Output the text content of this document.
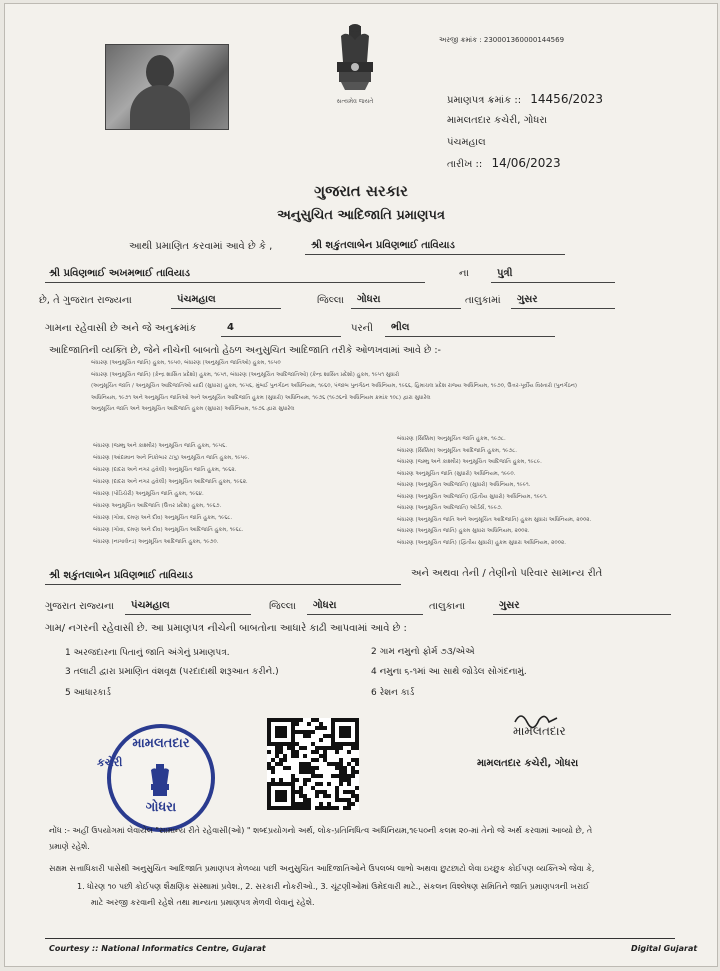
સત્યમેવ જયતે
અરજી ક્રમાંક : 230001360000144569
પ્રમાણપત્ર ક્રમાંક :: 14456/2023
મામલતદાર કચેરી, ગોધરા
પંચમહાલ
તારીખ :: 14/06/2023
ગુજરાત સરકાર
અનુસુચિત આદિજાતિ પ્રમાણપત્ર
આથી પ્રમાણિત કરવામાં આવે છે કે ,	શ્રી શકુંતલાબેન પ્રવિણભાઈ તાવિયાડ
શ્રી પ્રવિણભાઈ અખમભાઈ તાવિયાડ	ના	પુત્રી
છે, તે ગુજરાત રાજ્યના	પંચમહાલ	જિલ્લા ગોધરા	તાલુકામાં ગુસર
ગામના રહેવાસી છે અને જે અનુક્રમાંક	4	પરની ભીલ
આદિજાતિની વ્યક્તિ છે, જેને નીચેની બાબતો હેઠળ અનુસુચિત આદિજાતિ તરીકે ઓળખવામાં આવે છે :-
બંધારણ (અનુસૂચિત જાતિ) હુકમ, ૧૯૫૦, બંધારણ (અનુસૂચિત જાતિઓ) હુકમ, ૧૯૫૦
બંધારણ (અનુસૂચિત જાતિ) (કેન્દ્ર શાસિત પ્રદેશો) હુકમ, ૧૯૫૧, બંધારણ (અનુસૂચિત આદિજાતિઓ) (કેન્દ્ર શાસિત પ્રદેશો) હુકમ, ૧૯૫૧ સુધારો
(અનુસૂચિત જાતિ / અનુસૂચિત આદિજાતિઓ યાદી (સુધારા) હુકમ, ૧૯૫૬, મુંબઈ પુનર્ગઠન અધિનિયમ, ૧૯૬૦, પંજાબ પુનર્ગઠન અધિનિયમ, ૧૯૬૬, હિમાચલ પ્રદેશ રાજ્ય અધિનિયમ, ૧૯૭૦, ઉત્તર-પૂર્વીય વિસ્તારો (પુનર્ગઠન)
અધિનિયમ, ૧૯૭૧ અને અનુસૂચિત જાતિઓ અને અનુસૂચિત આદિજાતિ હુકમ (સુધારો) અધિનિયમ, ૧૯૭૬ (૧૯૭૬નો અધિનિયમ ક્રમાંક ૧૦૮) દ્વારા સુધારેલ
અનુસૂચિત જાતિ અને અનુસૂચિત આદિજાતિ હુકમ (સુધારા) અધિનિયમ, ૧૯૭૬ દ્વારા સુધારેલ
બંધારણ (જમ્મુ અને કાશ્મીર) અનુસૂચિત જાતિ હુકમ, ૧૯૫૬.
બંધારણ (આંદામાન અને નિકોબાર ટાપુ) અનુસૂચિત જાતિ હુકમ, ૧૯૫૯.
બંધારણ (દાદરા અને નગર હવેલી) અનુસૂચિત જાતિ હુકમ, ૧૯૬૨.
બંધારણ (દાદરા અને નગર હવેલી) અનુસૂચિત આદિજાતિ હુકમ, ૧૯૬૨.
બંધારણ (પોંડિચેરી) અનુસૂચિત જાતિ હુકમ, ૧૯૬૪.
બંધારણ અનુસૂચિત આદિજાતિ (ઉત્તર પ્રદેશ) હુકમ, ૧૯૬૭.
બંધારણ (ગોવા, દમણ અને દીવ) અનુસૂચિત જાતિ હુકમ, ૧૯૬૮.
બંધારણ (ગોવા, દમણ અને દીવ) અનુસૂચિત આદિજાતિ હુકમ, ૧૯૬૮.
બંધારણ (નાગાલેન્ડ) અનુસૂચિત આદિજાતિ હુકમ, ૧૯૭૦.
બંધારણ (સિક્કિમ) અનુસૂચિત જાતિ હુકમ, ૧૯૭૮.
બંધારણ (સિક્કિમ) અનુસૂચિત આદિજાતિ હુકમ, ૧૯૭૮.
બંધારણ (જમ્મુ અને કાશ્મીર) અનુસૂચિત આદિજાતિ હુકમ, ૧૯૮૯.
બંધારણ અનુસૂચિત જાતિ (સુધારો) અધિનિયમ, ૧૯૯૦.
બંધારણ (અનુસૂચિત આદિજાતિ) (સુધારો) અધિનિયમ, ૧૯૯૧.
બંધારણ (અનુસૂચિત આદિજાતિ) (દ્વિતીય સુધારો) અધિનિયમ, ૧૯૯૧.
બંધારણ (અનુસૂચિત આદિજાતિ) ઓર્ડર્સ, ૧૯૯૭.
બંધારણ (અનુસૂચિત જાતિ અને અનુસૂચિત આદિજાતિ) હુકમ સુધારા અધિનિયમ, ૨૦૦૨.
બંધારણ (અનુસૂચિત જાતિ) હુકમ સુધારા અધિનિયમ, ૨૦૦૨.
બંધારણ (અનુસૂચિત જાતિ) (દ્વિતીય સુધારો) હુકમ સુધારા અધિનિયમ, ૨૦૦૨.
શ્રી શકુંતલાબેન પ્રવિણભાઈ તાવિયાડ	અને અથવા તેની / તેણીનો પરિવાર સામાન્ય રીતે
ગુજરાત રાજ્યના પંચમહાલ	જિલ્લા ગોધરા	તાલુકાના	ગુસર
ગામ/ નગરની રહેવાસી છે. આ પ્રમાણપત્ર નીચેની બાબતોના આધારે કાઢી આપવામાં આવે છે :
1 અરજદારના પિતાનું જાતિ અંગેનું પ્રમાણપત્ર.	2 ગામ નમુનો ફોર્મ ૭૩/એએ
3 તલાટી દ્વારા પ્રમાણિત વંશવૃક્ષ (પરદાદાથી શરૂઆત કરીને.)	4 નમુના ૬-૧માં આ સાથે જોડેલ સોગંદનામું.
5 આધારકાર્ડ	6 રેશન કાર્ડ
મામલતદાર
કચેરી
ગોધરા
મામલતદાર
મામલતદાર કચેરી, ગોધરા
નોંધ :- અહીં ઉપયોગમાં લેવાયેલ "સામાન્ય રીતે રહેવાસી(ઓ) " શબ્દપ્રયોગનો અર્થ, લોક-પ્રતિનિધિત્વ અધિનિયમ,૧૯૫૦ની કલમ ૨૦-માં તેનો જે અર્થ કરવામાં આવ્યો છે, તે
પ્રમાણે રહેશે.
સક્ષમ સત્તાધિકારી પાસેથી અનુસુચિત આદિજાતિ પ્રમાણપત્ર મેળવ્યા પછી અનુસુચિત આદિજાતિઓને ઉપલબ્ધ લાભો અથવા છુટછાટો લેવા ઇચ્છુક કોઈપણ વ્યક્તિએ જેવા કે,
1. ધોરણ ૧૦ પછી કોઈપણ શૈક્ષણિક સંસ્થામાં પ્રવેશ., 2. સરકારી નોકરીઓ., 3. ચૂંટણીઓમાં ઉમેદવારી માટે., સંકલન વિશ્લેષણ સમિતિને જાતિ પ્રમાણપત્રની ખરાઈ
માટે અરજી કરવાની રહેશે તથા માન્યતા પ્રમાણપત્ર મેળવી લેવાનું રહેશે.
Courtesy :: National Informatics Centre, Gujarat	Digital Gujarat
